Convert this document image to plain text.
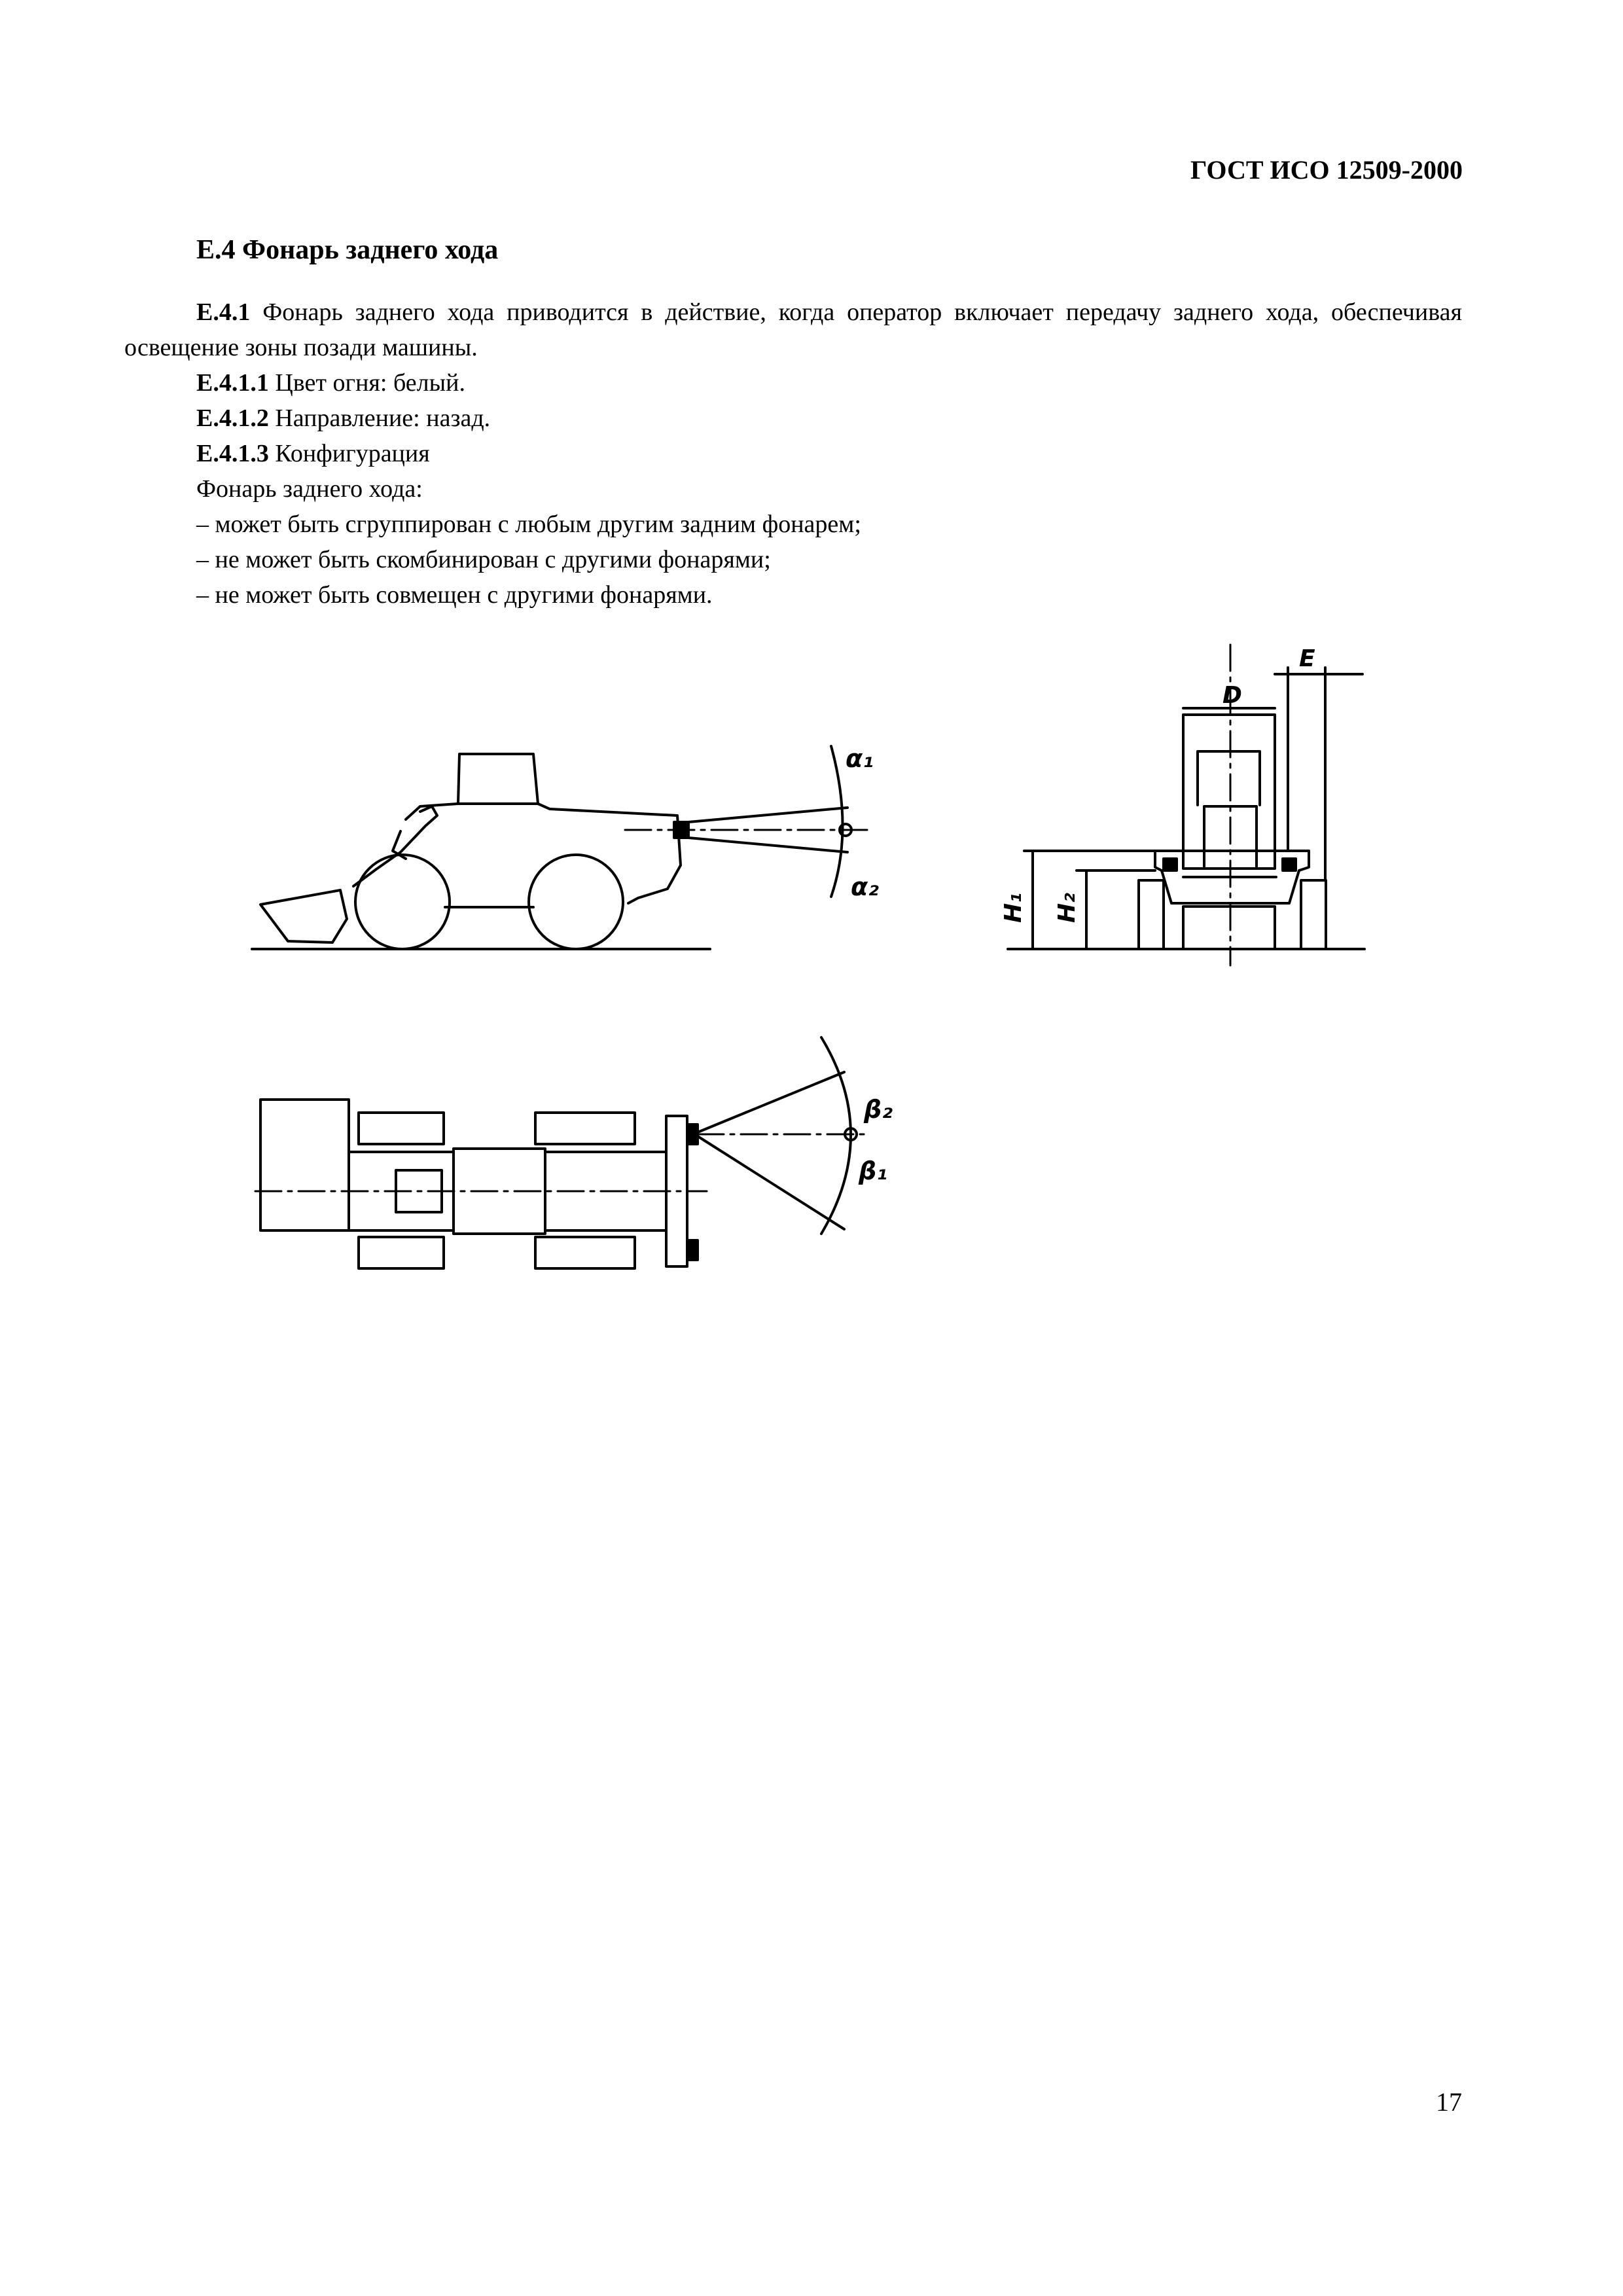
ГОСТ ИСО 12509-2000
E.4 Фонарь заднего хода
E.4.1 Фонарь заднего хода приводится в действие, когда оператор включает передачу заднего хода, обеспечивая освещение зоны позади машины.
E.4.1.1 Цвет огня: белый.
E.4.1.2 Направление: назад.
E.4.1.3 Конфигурация
Фонарь заднего хода:
– может быть сгруппирован с любым другим задним фонарем;
– не может быть скомбинирован с другими фонарями;
– не может быть совмещен с другими фонарями.
α₁
α₂
D
E
H₁ H₂
β₂
β₁
17
